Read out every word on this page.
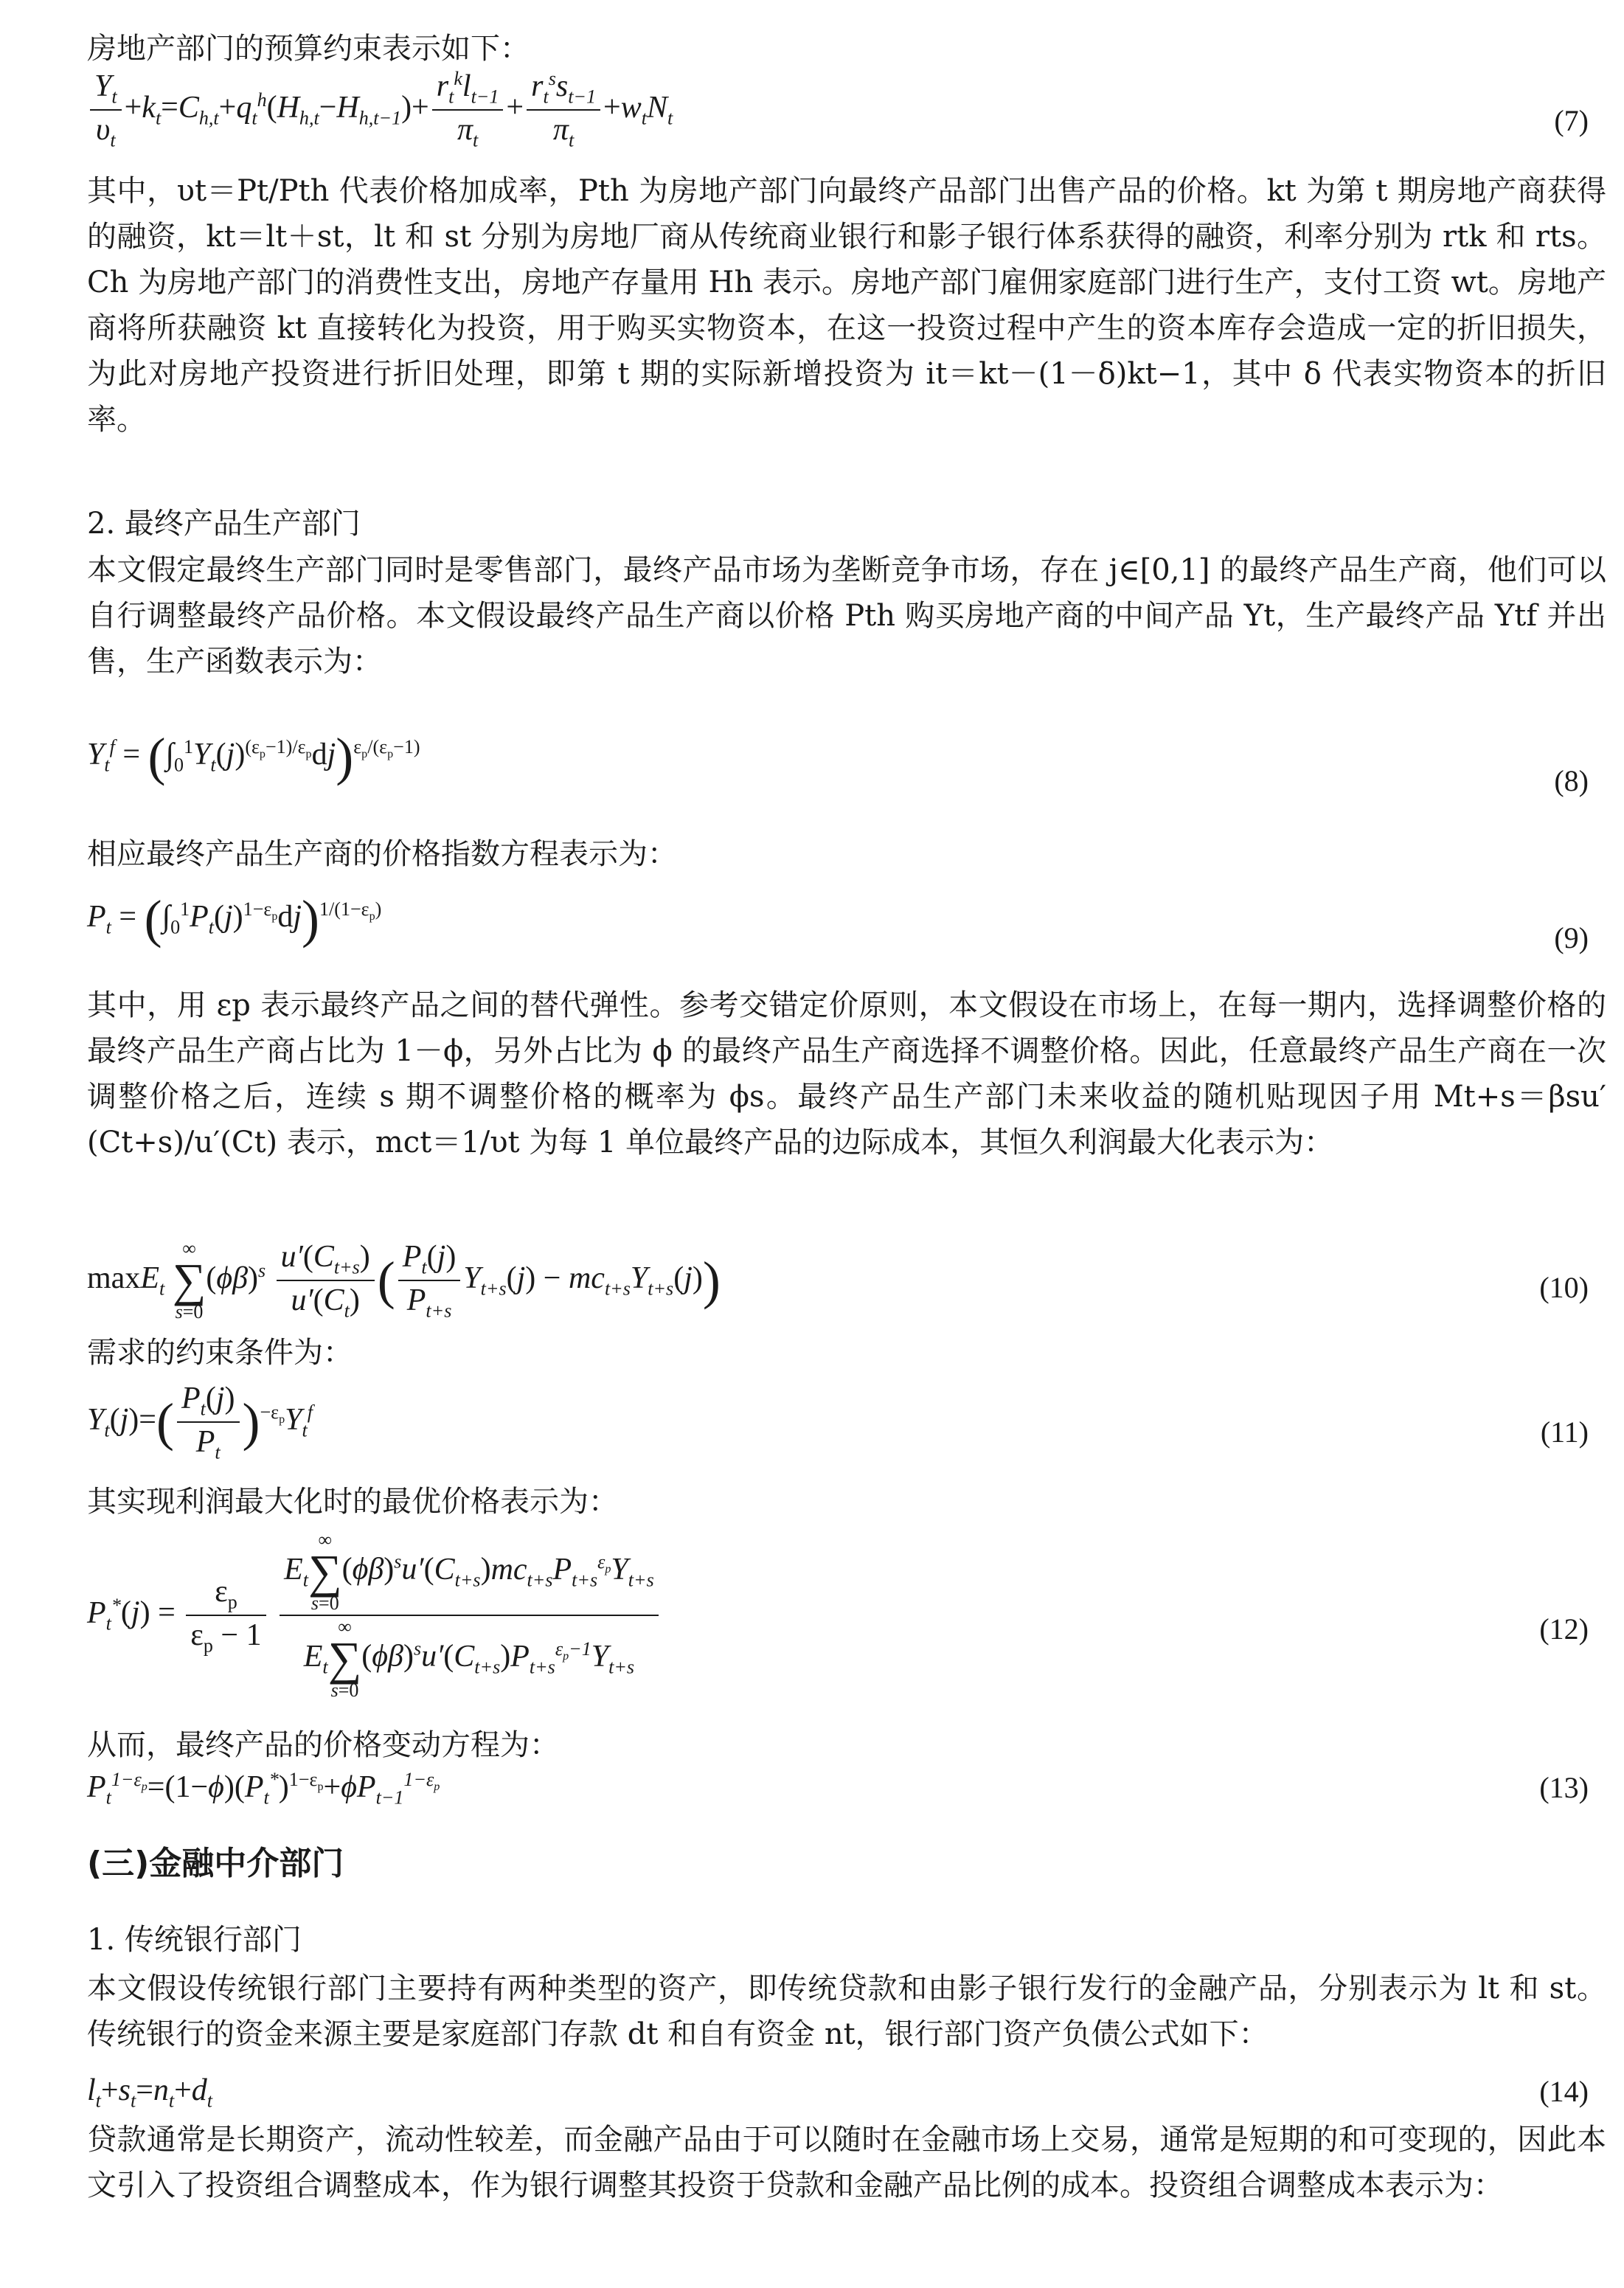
房地产部门的预算约束表示如下：
$\frac{Y_t}{\upsilon_t} +k_t=C_{h,t}+q_t^h(H_{h,t}-H_{h,t-1})+ \frac{r_t^kl_{t-1}}{\pi_t} + \frac{r_t^ss_{t-1}}{\pi_t} +w_tN_t$	(7)
其中，υt＝Pt/Pth 代表价格加成率，Pth 为房地产部门向最终产品部门出售产品的价格。kt 为第 t 期房地产商获得的融资，kt＝lt＋st，lt 和 st 分别为房地厂商从传统商业银行和影子银行体系获得的融资，利率分别为 rtk 和 rts。Ch 为房地产部门的消费性支出，房地产存量用 Hh 表示。房地产部门雇佣家庭部门进行生产，支付工资 wt。房地产商将所获融资 kt 直接转化为投资，用于购买实物资本，在这一投资过程中产生的资本库存会造成一定的折旧损失，为此对房地产投资进行折旧处理，即第 t 期的实际新增投资为 it＝kt－(1－δ)kt−1，其中 δ 代表实物资本的折旧率。
2. 最终产品生产部门
本文假定最终生产部门同时是零售部门，最终产品市场为垄断竞争市场，存在 j∈[0,1] 的最终产品生产商，他们可以自行调整最终产品价格。本文假设最终产品生产商以价格 Pth 购买房地产商的中间产品 Yt，生产最终产品 Ytf 并出售，生产函数表示为：
$Y_t^f = (\int_0^1Y_t(j)^{(\varepsilon_p-1)/\varepsilon_p}dj)^{\varepsilon_p/(\varepsilon_p-1)}$
(8)
相应最终产品生产商的价格指数方程表示为：
$P_t = (\int_0^1P_t(j)^{1-\varepsilon_p}dj)^{1/(1-\varepsilon_p)}$
(9)
其中，用 εp 表示最终产品之间的替代弹性。参考交错定价原则，本文假设在市场上，在每一期内，选择调整价格的最终产品生产商占比为 1－ϕ，另外占比为 ϕ 的最终产品生产商选择不调整价格。因此，任意最终产品生产商在一次调整价格之后，连续 s 期不调整价格的概率为 ϕs。最终产品生产部门未来收益的随机贴现因子用 Mt+s＝βsu′(Ct+s)/u′(Ct) 表示，mct＝1/υt 为每 1 单位最终产品的边际成本，其恒久利润最大化表示为：
maxE$_t$ ∞
∑
$s=0(\phi\beta)^s \frac{u'(C_{t+s})}{u'(C_t)}$ ( $\frac{P_t(j)}{P_{t+s}} Y_{t+s}(j) - mc_{t+s}Y_{t+s}(j)$)	(10)
需求的约束条件为：
$Y_t(j)=( \frac{P_t(j)}{P_t} )^{-\varepsilon_p}Y_t^f$
(11)
其实现利润最大化时的最优价格表示为：
$P_t^*(j) = \frac{\varepsilon_p}{\varepsilon_p - 1}$
$E_t\infty$
∑
$s=0(\phi\beta)^su'(C_{t+s})mc_{t+s}P_{t+s}^{\varepsilon_p}Y_{t+s}$
$E_t\infty$
∑
$s=0(\phi\beta)^su'(C_{t+s})P_{t+s}^{\varepsilon_p-1}Y_{t+s}$	(12)
从而，最终产品的价格变动方程为：
$P_t^{1-\varepsilon_p}=(1-\phi)(P_t^*)^{1-\varepsilon_p}+\phi P_{t-1}^{1-\varepsilon_p}$	(13)
(三)金融中介部门
1. 传统银行部门
本文假设传统银行部门主要持有两种类型的资产，即传统贷款和由影子银行发行的金融产品，分别表示为 lt 和 st。传统银行的资金来源主要是家庭部门存款 dt 和自有资金 nt，银行部门资产负债公式如下：
$l_t+s_t=n_t+d_t$	(14)
贷款通常是长期资产，流动性较差，而金融产品由于可以随时在金融市场上交易，通常是短期的和可变现的，因此本文引入了投资组合调整成本，作为银行调整其投资于贷款和金融产品比例的成本。投资组合调整成本表示为：
